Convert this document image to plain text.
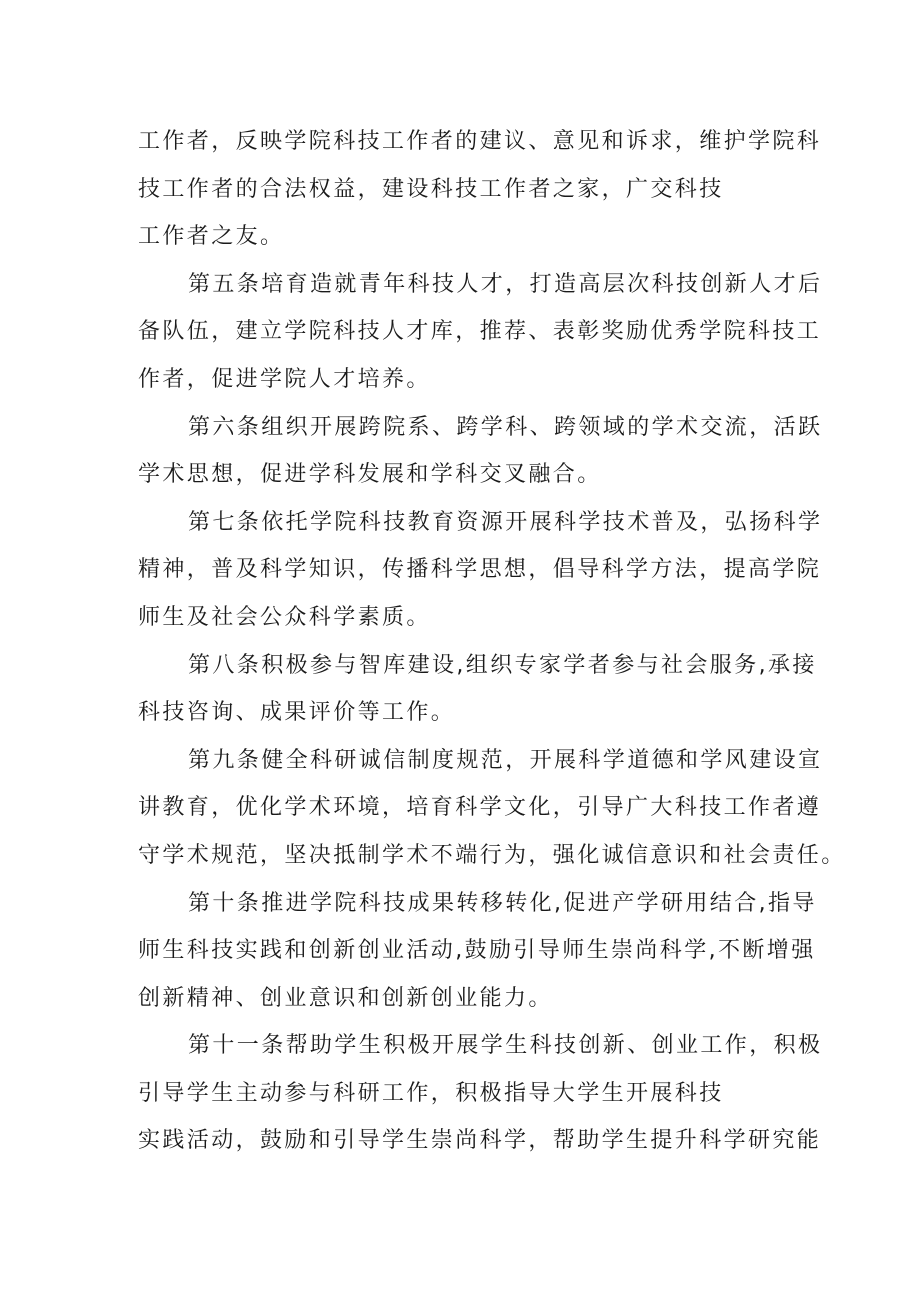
工作者，反映学院科技工作者的建议、意见和诉求，维护学院科
技工作者的合法权益，建设科技工作者之家，广交科技
工作者之友。
第五条培育造就青年科技人才，打造高层次科技创新人才后
备队伍，建立学院科技人才库，推荐、表彰奖励优秀学院科技工
作者，促进学院人才培养。
第六条组织开展跨院系、跨学科、跨领域的学术交流，活跃
学术思想，促进学科发展和学科交叉融合。
第七条依托学院科技教育资源开展科学技术普及，弘扬科学
精神，普及科学知识，传播科学思想，倡导科学方法，提高学院
师生及社会公众科学素质。
第八条积极参与智库建设,组织专家学者参与社会服务,承接
科技咨询、成果评价等工作。
第九条健全科研诚信制度规范，开展科学道德和学风建设宣
讲教育，优化学术环境，培育科学文化，引导广大科技工作者遵
守学术规范，坚决抵制学术不端行为，强化诚信意识和社会责任。
第十条推进学院科技成果转移转化,促进产学研用结合,指导
师生科技实践和创新创业活动,鼓励引导师生崇尚科学,不断增强
创新精神、创业意识和创新创业能力。
第十一条帮助学生积极开展学生科技创新、创业工作，积极
引导学生主动参与科研工作，积极指导大学生开展科技
实践活动，鼓励和引导学生崇尚科学，帮助学生提升科学研究能
